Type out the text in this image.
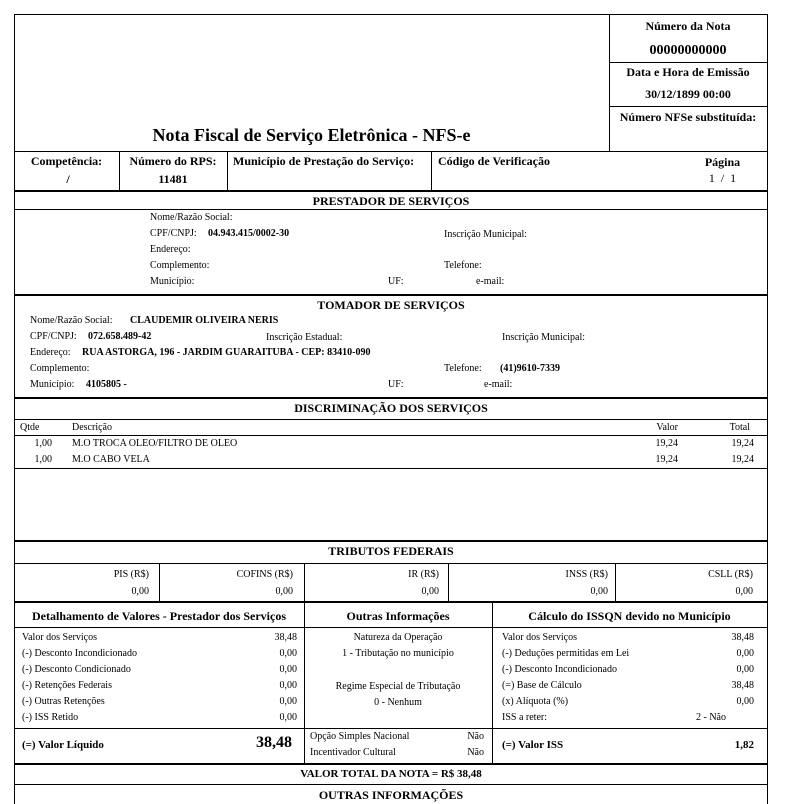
Número da Nota
00000000000
Data e Hora de Emissão
30/12/1899 00:00
Número NFSe substituída:
Nota Fiscal de Serviço Eletrônica - NFS-e
Competência:
/
Número do RPS:
11481
Município de Prestação do Serviço: Código de Verificação	Página
1  /  1
PRESTADOR DE SERVIÇOS
Nome/Razão Social:
CPF/CNPJ: 04.943.415/0002-30	Inscrição Municipal:
Endereço:
Complemento:	Telefone:
Município:	UF:	e-mail:
TOMADOR DE SERVIÇOS
Nome/Razão Social: CLAUDEMIR OLIVEIRA NERIS
CPF/CNPJ: 072.658.489-42	Inscrição Estadual:	Inscrição Municipal:
Endereço: RUA ASTORGA, 196 - JARDIM GUARAITUBA - CEP: 83410-090
Complemento:	Telefone: (41)9610-7339
Município: 4105805 -	UF:	e-mail:
DISCRIMINAÇÃO DOS SERVIÇOS
Qtde	Descrição	Valor	Total
1,00 M.O TROCA OLEO/FILTRO DE OLEO	19,24	19,24
1,00 M.O CABO VELA	19,24	19,24
TRIBUTOS FEDERAIS
PIS (R$)
0,00
COFINS (R$)
0,00
IR (R$)
0,00
INSS (R$)
0,00
CSLL (R$)
0,00
Detalhamento de Valores - Prestador dos Serviços
Valor dos Serviços	38,48
(-) Desconto Incondicionado	0,00
(-) Desconto Condicionado	0,00
(-) Retenções Federais	0,00
(-) Outras Retenções	0,00
(-) ISS Retido	0,00
(=) Valor Líquido	38,48
Outras Informações
Natureza da Operação
1 - Tributação no município
Regime Especial de Tributação
0 - Nenhum
Opção Simples Nacional	Não
Incentivador Cultural	Não
Cálculo do ISSQN devido no Município
Valor dos Serviços	38,48
(-) Deduções permitidas em Lei	0,00
(-) Desconto Incondicionado	0,00
(=) Base de Cálculo	38,48
(x) Alíquota (%)	0,00
ISS a reter:	2 - Não
(=) Valor ISS	1,82
VALOR TOTAL DA NOTA = R$ 38,48
OUTRAS INFORMAÇÕES
